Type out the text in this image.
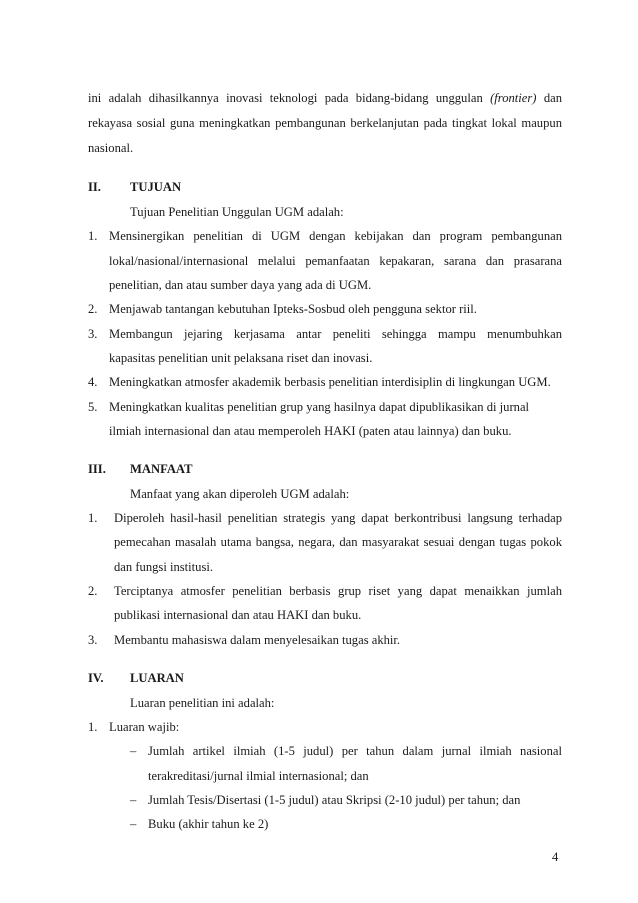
ini adalah dihasilkannya inovasi teknologi pada bidang-bidang unggulan (frontier) dan
rekayasa sosial guna meningkatkan pembangunan berkelanjutan pada tingkat lokal maupun
nasional.
II. TUJUAN
Tujuan Penelitian Unggulan UGM adalah:
1. Mensinergikan penelitian di UGM dengan kebijakan dan program pembangunan
lokal/nasional/internasional melalui pemanfaatan kepakaran, sarana dan prasarana
penelitian, dan atau sumber daya yang ada di UGM.
2. Menjawab tantangan kebutuhan Ipteks-Sosbud oleh pengguna sektor riil.
3. Membangun jejaring kerjasama antar peneliti sehingga mampu menumbuhkan
kapasitas penelitian unit pelaksana riset dan inovasi.
4. Meningkatkan atmosfer akademik berbasis penelitian interdisiplin di lingkungan UGM.
5. Meningkatkan kualitas penelitian grup yang hasilnya dapat dipublikasikan di jurnal
ilmiah internasional dan atau memperoleh HAKI (paten atau lainnya) dan buku.
III. MANFAAT
Manfaat yang akan diperoleh UGM adalah:
1. Diperoleh hasil-hasil penelitian strategis yang dapat berkontribusi langsung terhadap
pemecahan masalah utama bangsa, negara, dan masyarakat sesuai dengan tugas pokok
dan fungsi institusi.
2. Terciptanya atmosfer penelitian berbasis grup riset yang dapat menaikkan jumlah
publikasi internasional dan atau HAKI dan buku.
3. Membantu mahasiswa dalam menyelesaikan tugas akhir.
IV. LUARAN
Luaran penelitian ini adalah:
1. Luaran wajib:
– Jumlah artikel ilmiah (1-5 judul) per tahun dalam jurnal ilmiah nasional
terakreditasi/jurnal ilmial internasional; dan
– Jumlah Tesis/Disertasi (1-5 judul) atau Skripsi (2-10 judul) per tahun; dan
– Buku (akhir tahun ke 2)
4
